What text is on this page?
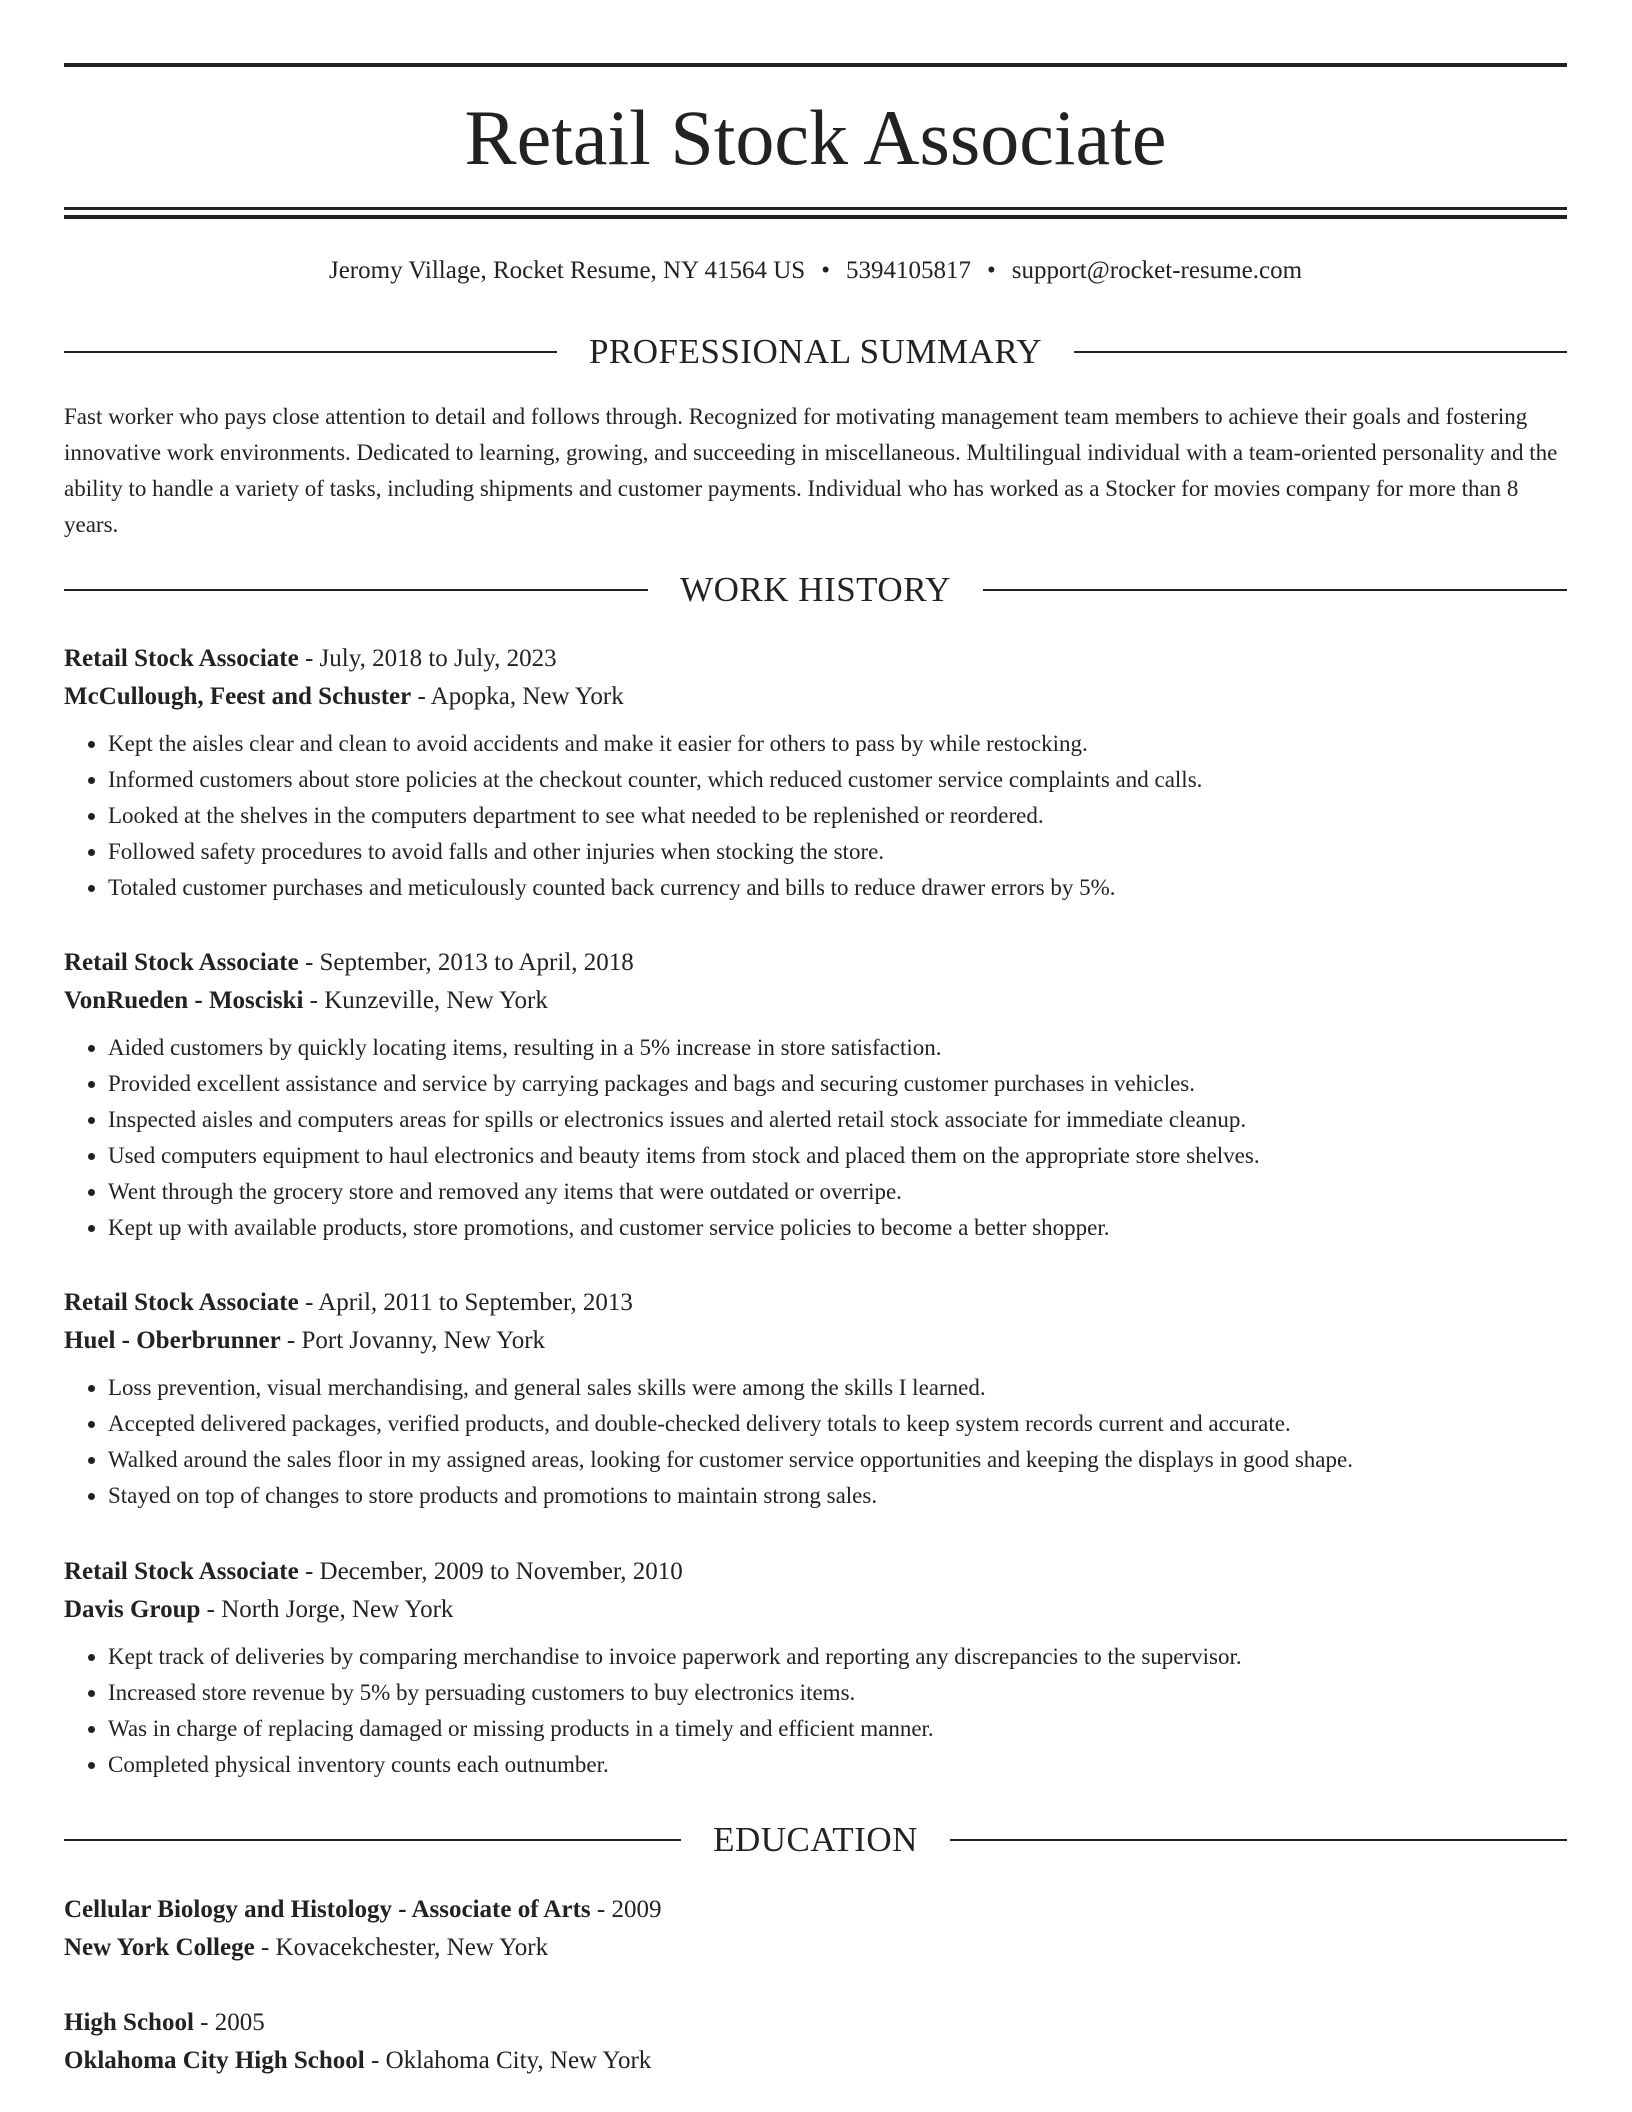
Retail Stock Associate
Jeromy Village, Rocket Resume, NY 41564 US • 5394105817 • support@rocket-resume.com
PROFESSIONAL SUMMARY

Fast worker who pays close attention to detail and follows through. Recognized for motivating management team members to achieve their goals and fostering innovative work environments. Dedicated to learning, growing, and succeeding in miscellaneous. Multilingual individual with a team-oriented personality and the ability to handle a variety of tasks, including shipments and customer payments. Individual who has worked as a Stocker for movies company for more than 8 years.

WORK HISTORY
Retail Stock Associate - July, 2018 to July, 2023
McCullough, Feest and Schuster - Apopka, New York
• Kept the aisles clear and clean to avoid accidents and make it easier for others to pass by while restocking.
• Informed customers about store policies at the checkout counter, which reduced customer service complaints and calls.
• Looked at the shelves in the computers department to see what needed to be replenished or reordered.
• Followed safety procedures to avoid falls and other injuries when stocking the store.
• Totaled customer purchases and meticulously counted back currency and bills to reduce drawer errors by 5%.
Retail Stock Associate - September, 2013 to April, 2018
VonRueden - Mosciski - Kunzeville, New York
• Aided customers by quickly locating items, resulting in a 5% increase in store satisfaction.
• Provided excellent assistance and service by carrying packages and bags and securing customer purchases in vehicles.
• Inspected aisles and computers areas for spills or electronics issues and alerted retail stock associate for immediate cleanup.
• Used computers equipment to haul electronics and beauty items from stock and placed them on the appropriate store shelves.
• Went through the grocery store and removed any items that were outdated or overripe.
• Kept up with available products, store promotions, and customer service policies to become a better shopper.
Retail Stock Associate - April, 2011 to September, 2013
Huel - Oberbrunner - Port Jovanny, New York
• Loss prevention, visual merchandising, and general sales skills were among the skills I learned.
• Accepted delivered packages, verified products, and double-checked delivery totals to keep system records current and accurate.
• Walked around the sales floor in my assigned areas, looking for customer service opportunities and keeping the displays in good shape.
• Stayed on top of changes to store products and promotions to maintain strong sales.
Retail Stock Associate - December, 2009 to November, 2010
Davis Group - North Jorge, New York
• Kept track of deliveries by comparing merchandise to invoice paperwork and reporting any discrepancies to the supervisor.
• Increased store revenue by 5% by persuading customers to buy electronics items.
• Was in charge of replacing damaged or missing products in a timely and efficient manner.
• Completed physical inventory counts each outnumber.
EDUCATION
Cellular Biology and Histology - Associate of Arts - 2009
New York College - Kovacekchester, New York
High School - 2005
Oklahoma City High School - Oklahoma City, New York
